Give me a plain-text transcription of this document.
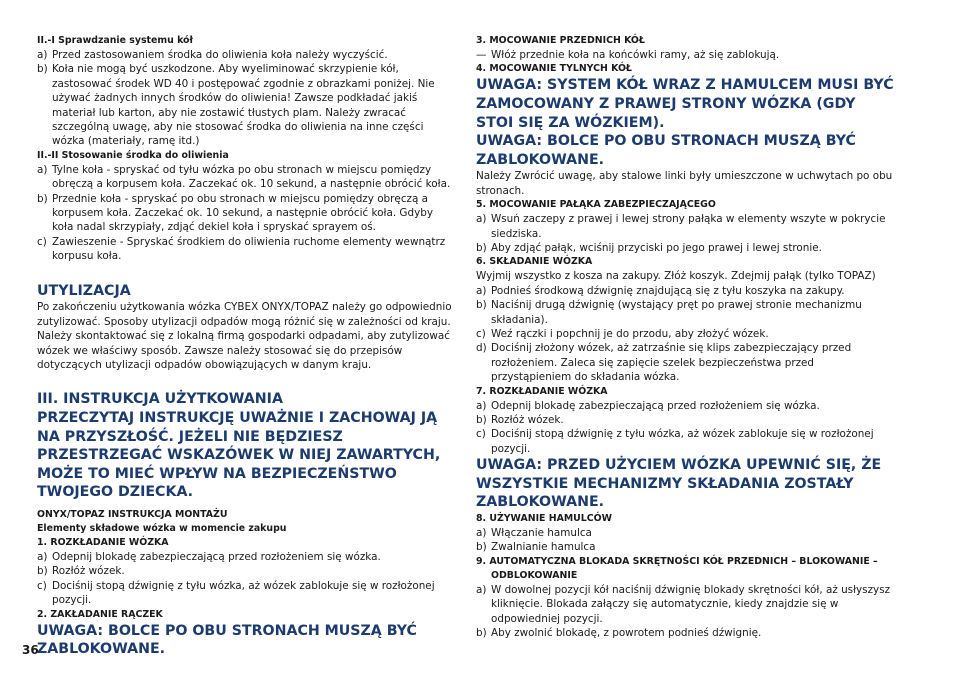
II.-I Sprawdzanie systemu kół
a) Przed zastosowaniem środka do oliwienia koła należy wyczyścić.
b) Koła nie mogą być uszkodzone. Aby wyeliminować skrzypienie kół, zastosować środek WD 40 i postępować zgodnie z obrazkami poniżej. Nie używać żadnych innych środków do oliwienia! Zawsze podkładać jakiś materiał lub karton, aby nie zostawić tłustych plam. Należy zwracać szczególną uwagę, aby nie stosować środka do oliwienia na inne części wózka (materiały, ramę itd.)
II.-II Stosowanie środka do oliwienia
a) Tylne koła - spryskać od tyłu wózka po obu stronach w miejscu pomiędzy obręczą a korpusem koła. Zaczekać ok. 10 sekund, a następnie obrócić koła.
b) Przednie koła - spryskać po obu stronach w miejscu pomiędzy obręczą a korpusem koła. Zaczekać ok. 10 sekund, a następnie obrócić koła. Gdyby koła nadal skrzypiały, zdjąć dekiel koła i spryskać sprayem oś.
c) Zawieszenie - Spryskać środkiem do oliwienia ruchome elementy wewnątrz korpusu koła.
UTYLIZACJA
Po zakończeniu użytkowania wózka CYBEX ONYX/TOPAZ należy go odpowiednio zutylizować. Sposoby utylizacji odpadów mogą różnić się w zależności od kraju. Należy skontaktować się z lokalną firmą gospodarki odpadami, aby zutylizować wózek we właściwy sposób. Zawsze należy stosować się do przepisów dotyczących utylizacji odpadów obowiązujących w danym kraju.
III. INSTRUKCJA UŻYTKOWANIA
PRZECZYTAJ INSTRUKCJĘ UWAŻNIE I ZACHOWAJ JĄ NA PRZYSZŁOŚĆ. JEŻELI NIE BĘDZIESZ PRZESTRZEGAĆ WSKAZÓWEK W NIEJ ZAWARTYCH, MOŻE TO MIEĆ WPŁYW NA BEZPIECZEŃSTWO TWOJEGO DZIECKA.
ONYX/TOPAZ INSTRUKCJA MONTAŻU
Elementy składowe wózka w momencie zakupu
1. ROZKŁADANIE WÓZKA
a) Odepnij blokadę zabezpieczającą przed rozłożeniem się wózka.
b) Rozłóż wózek.
c) Dociśnij stopą dźwignię z tyłu wózka, aż wózek zablokuje się w rozłożonej pozycji.
2. ZAKŁADANIE RĄCZEK
UWAGA: BOLCE PO OBU STRONACH MUSZĄ BYĆ ZABLOKOWANE.
3. MOCOWANIE PRZEDNICH KÓŁ
— Włóż przednie koła na końcówki ramy, aż się zablokują.
4. MOCOWANIE TYLNYCH KÓŁ
UWAGA: SYSTEM KÓŁ WRAZ Z HAMULCEM MUSI BYĆ ZAMOCOWANY Z PRAWEJ STRONY WÓZKA (GDY STOI SIĘ ZA WÓZKIEM).
UWAGA: BOLCE PO OBU STRONACH MUSZĄ BYĆ ZABLOKOWANE.
Należy Zwrócić uwagę, aby stalowe linki były umieszczone w uchwytach po obu stronach.
5. MOCOWANIE PAŁĄKA ZABEZPIECZAJĄCEGO
a) Wsuń zaczepy z prawej i lewej strony pałąka w elementy wszyte w pokrycie siedziska.
b) Aby zdjąć pałąk, wciśnij przyciski po jego prawej i lewej stronie.
6. SKŁADANIE WÓZKA
Wyjmij wszystko z kosza na zakupy. Złóż koszyk. Zdejmij pałąk (tylko TOPAZ)
a) Podnieś środkową dźwignię znajdującą się z tyłu koszyka na zakupy.
b) Naciśnij drugą dźwignię (wystający pręt po prawej stronie mechanizmu składania).
c) Weź rączki i popchnij je do przodu, aby złożyć wózek.
d) Dociśnij złożony wózek, aż zatrzaśnie się klips zabezpieczający przed rozłożeniem. Zaleca się zapięcie szelek bezpieczeństwa przed przystąpieniem do składania wózka.
7. ROZKŁADANIE WÓZKA
a) Odepnij blokadę zabezpieczającą przed rozłożeniem się wózka.
b) Rozłóż wózek.
c) Dociśnij stopą dźwignię z tyłu wózka, aż wózek zablokuje się w rozłożonej pozycji.
UWAGA: PRZED UŻYCIEM WÓZKA UPEWNIĆ SIĘ, ŻE WSZYSTKIE MECHANIZMY SKŁADANIA ZOSTAŁY ZABLOKOWANE.
8. UŻYWANIE HAMULCÓW
a) Włączanie hamulca
b) Zwalnianie hamulca
9. AUTOMATYCZNA BLOKADA SKRĘTNOŚCI KÓŁ PRZEDNICH – BLOKOWANIE –
ODBLOKOWANIE
a) W dowolnej pozycji kół naciśnij dźwignię blokady skrętności kół, aż usłyszysz kliknięcie. Blokada załączy się automatycznie, kiedy znajdzie się w odpowiedniej pozycji.
b) Aby zwolnić blokadę, z powrotem podnieś dźwignię.
36
